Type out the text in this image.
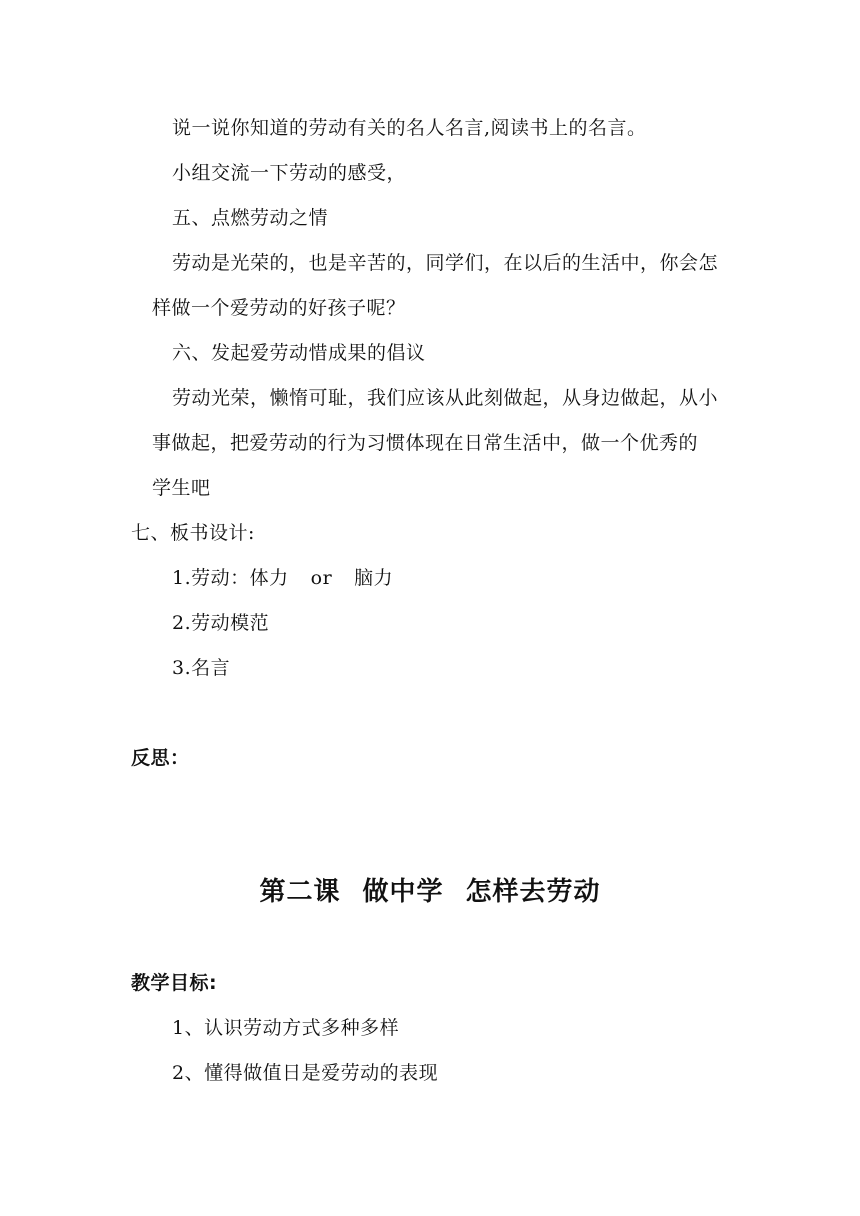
说一说你知道的劳动有关的名人名言,阅读书上的名言。
小组交流一下劳动的感受，
五、点燃劳动之情
劳动是光荣的，也是辛苦的，同学们，在以后的生活中，你会怎
样做一个爱劳动的好孩子呢？
六、发起爱劳动惜成果的倡议
劳动光荣，懒惰可耻，我们应该从此刻做起，从身边做起，从小
事做起，把爱劳动的行为习惯体现在日常生活中，做一个优秀的
学生吧
七、板书设计:
1.劳动：体力 or 脑力
2.劳动模范
3.名言
反思：
第二课 做中学 怎样去劳动
教学目标:
1、认识劳动方式多种多样
2、懂得做值日是爱劳动的表现
